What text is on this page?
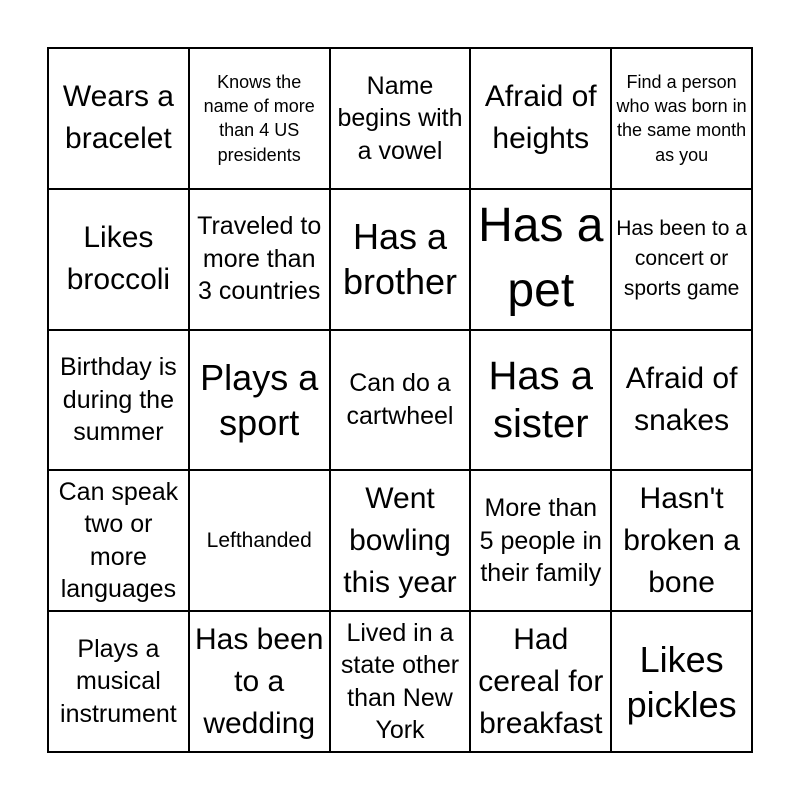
Wears a bracelet
Knows the name of more than 4 US presidents
Name begins with a vowel
Afraid of heights
Find a person who was born in the same month as you
Likes broccoli
Traveled to more than 3 countries
Has a brother
Has a pet
Has been to a concert or sports game
Birthday is during the summer
Plays a sport
Can do a cartwheel
Has a sister
Afraid of snakes
Can speak two or more languages
Lefthanded
Went bowling this year
More than 5 people in their family
Hasn't broken a bone
Plays a musical instrument
Has been to a wedding
Lived in a state other than New York
Had cereal for breakfast
Likes pickles
